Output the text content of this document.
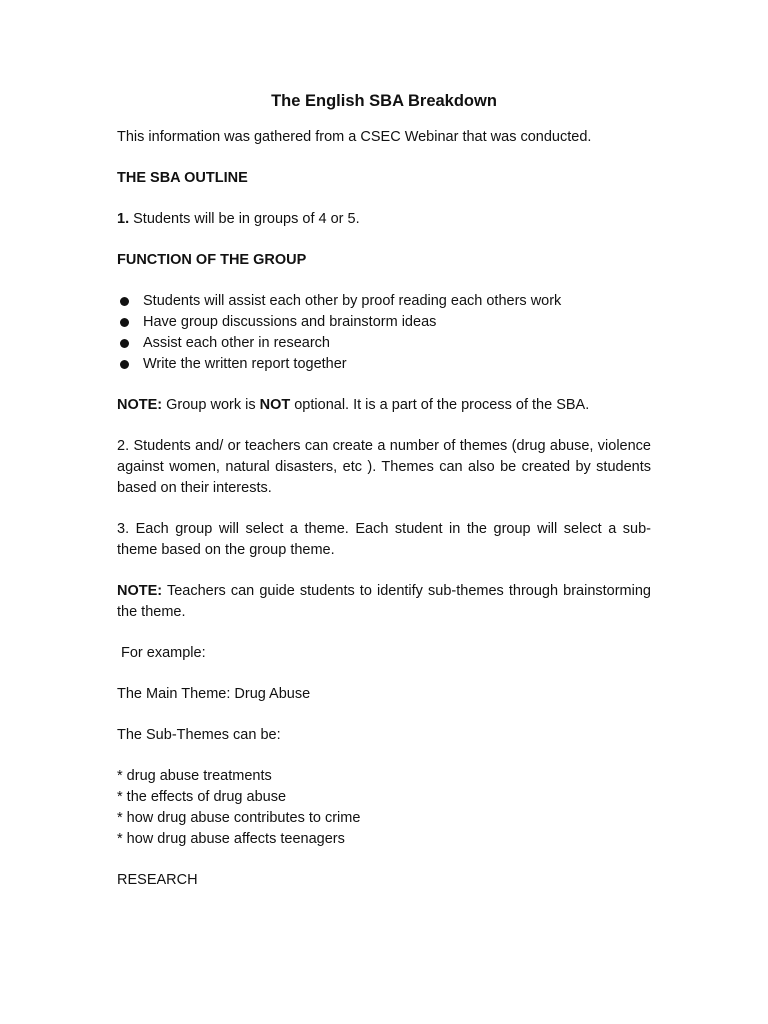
The English SBA Breakdown

This information was gathered from a CSEC Webinar that was conducted.

THE SBA OUTLINE

1. Students will be in groups of 4 or 5.

FUNCTION OF THE GROUP

Students will assist each other by proof reading each others work
Have group discussions and brainstorm ideas
Assist each other in research
Write the written report together

NOTE: Group work is NOT optional. It is a part of the process of the SBA.

2. Students and/ or teachers can create a number of themes (drug abuse, violence against women, natural disasters, etc ). Themes can also be created by students based on their interests.

3. Each group will select a theme. Each student in the group will select a sub-theme based on the group theme.

NOTE: Teachers can guide students to identify sub-themes through brainstorming the theme.

For example:

The Main Theme: Drug Abuse

The Sub-Themes can be:

* drug abuse treatments
* the effects of drug abuse
* how drug abuse contributes to crime
* how drug abuse affects teenagers

RESEARCH
